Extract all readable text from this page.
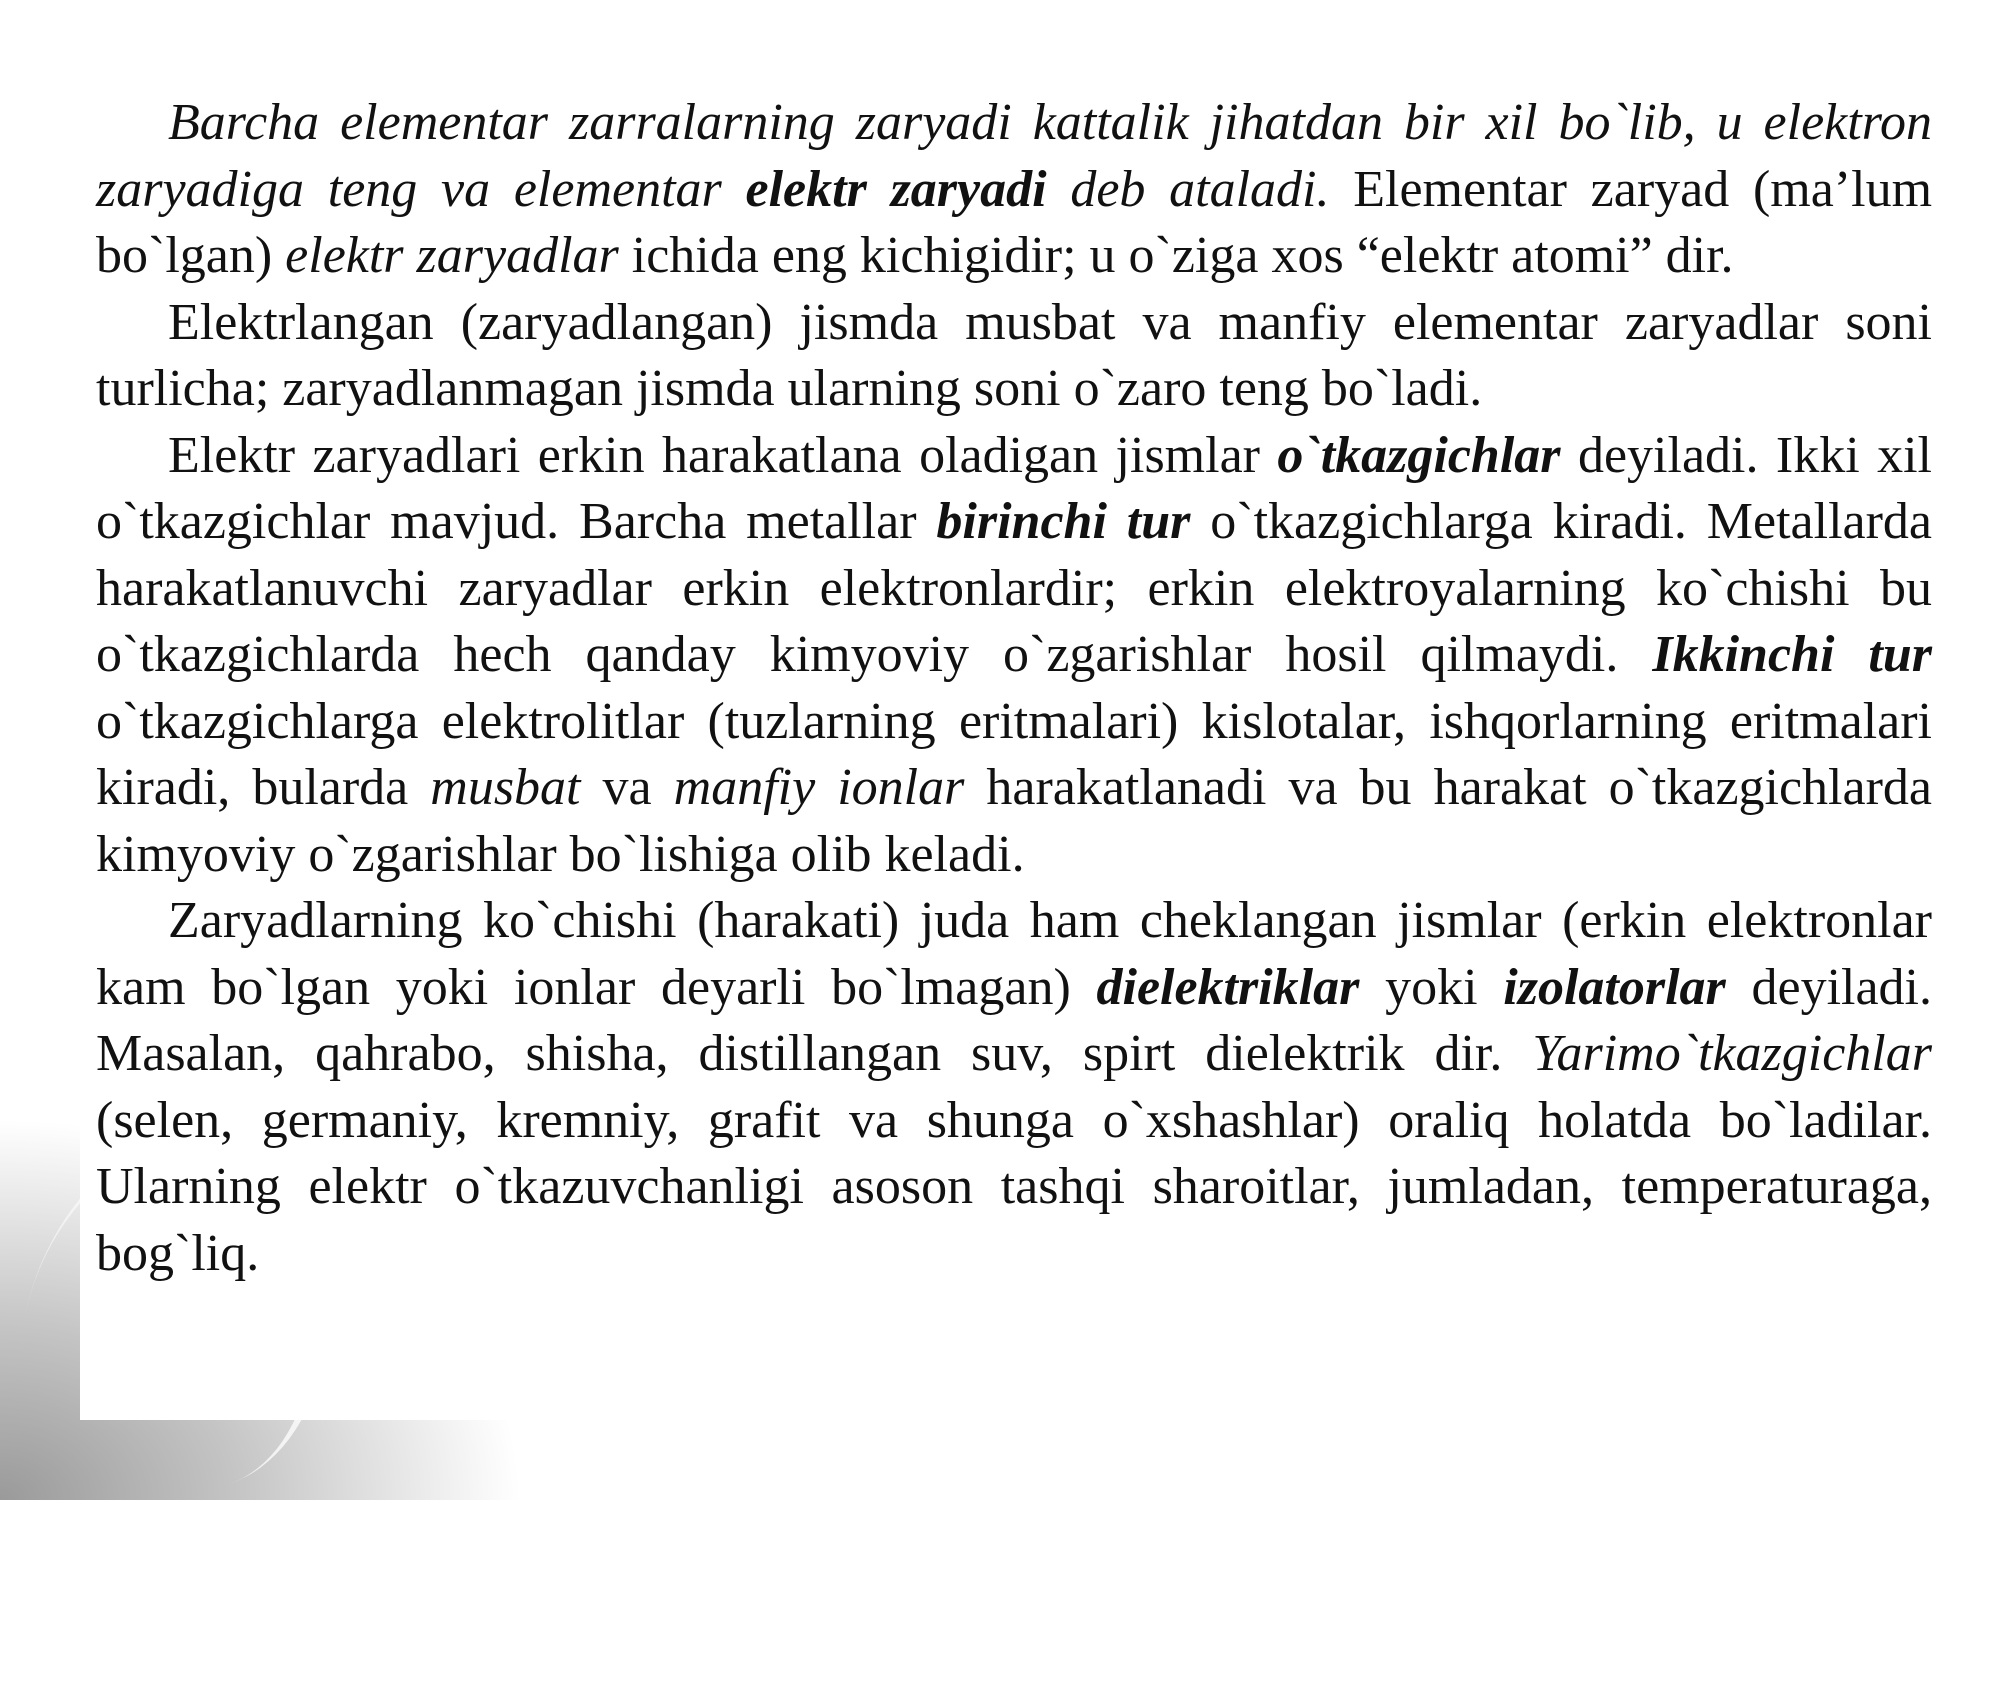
Barcha elementar zarralarning zaryadi kattalik jihatdan bir xil bo`lib, u elektron zaryadiga teng va elementar elektr zaryadi deb ataladi. Elementar zaryad (ma’lum bo`lgan) elektr zaryadlar ichida eng kichigidir; u o`ziga xos “elektr atomi” dir.

Elektrlangan (zaryadlangan) jismda musbat va manfiy elementar zaryadlar soni turlicha; zaryadlanmagan jismda ularning soni o`zaro teng bo`ladi.

Elektr zaryadlari erkin harakatlana oladigan jismlar o`tkazgichlar deyiladi. Ikki xil o`tkazgichlar mavjud. Barcha metallar birinchi tur o`tkazgichlarga kiradi. Metallarda harakatlanuvchi zaryadlar erkin elektronlardir; erkin elektroyalarning ko`chishi bu o`tkazgichlarda hech qanday kimyoviy o`zgarishlar hosil qilmaydi. Ikkinchi tur o`tkazgichlarga elektrolitlar (tuzlarning eritmalari) kislotalar, ishqorlarning eritmalari kiradi, bularda musbat va manfiy ionlar harakatlanadi va bu harakat o`tkazgichlarda kimyoviy o`zgarishlar bo`lishiga olib keladi.

Zaryadlarning ko`chishi (harakati) juda ham cheklangan jismlar (erkin elektronlar kam bo`lgan yoki ionlar deyarli bo`lmagan) dielektriklar yoki izolatorlar deyiladi. Masalan, qahrabo, shisha, distillangan suv, spirt dielektrik dir. Yarimo`tkazgichlar (selen, germaniy, kremniy, grafit va shunga o`xshashlar) oraliq holatda bo`ladilar. Ularning elektr o`tkazuvchanligi asoson tashqi sharoitlar, jumladan, temperaturaga, bog`liq.
